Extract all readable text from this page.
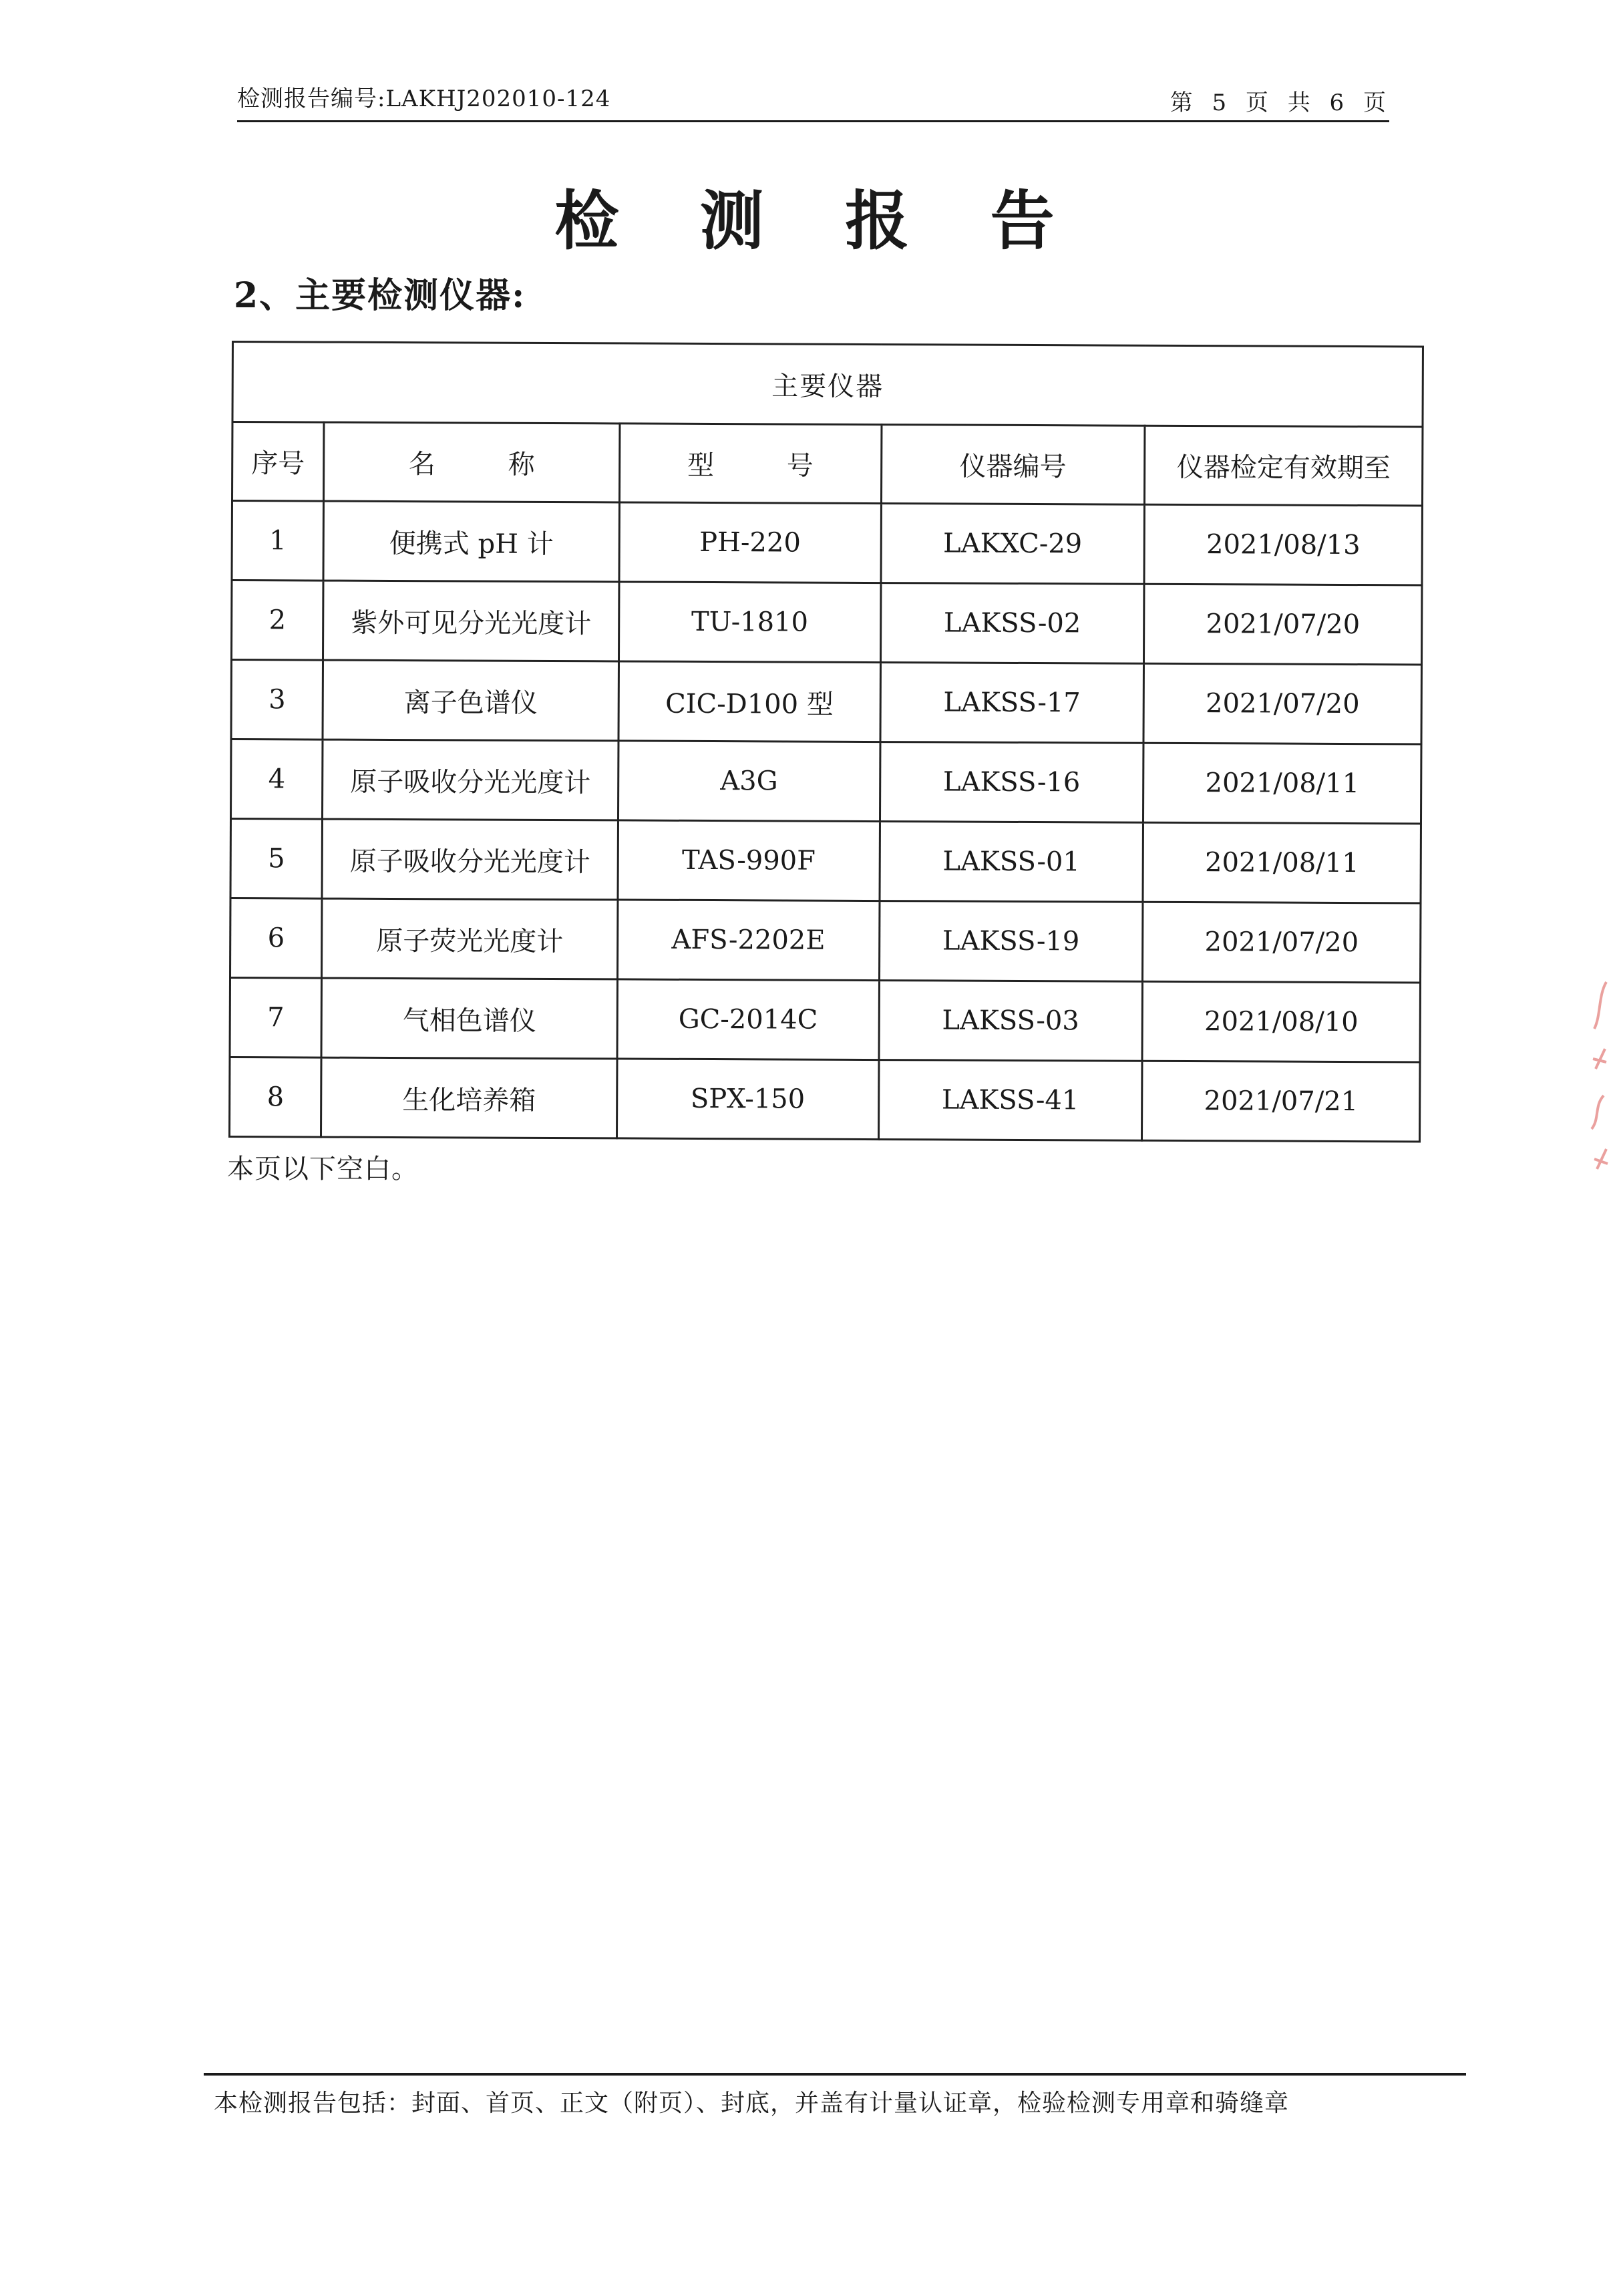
检测报告编号:LAKHJ202010-124	第 5 页 共 6 页
检 测 报 告
2、主要检测仪器:
主要仪器				
序号	名 称	型 号	仪器编号	仪器检定有效期至
1	便携式 pH 计	PH-220	LAKXC-29	2021/08/13
2	紫外可见分光光度计	TU-1810	LAKSS-02	2021/07/20
3	离子色谱仪	CIC-D100 型	LAKSS-17	2021/07/20
4	原子吸收分光光度计	A3G	LAKSS-16	2021/08/11
5	原子吸收分光光度计	TAS-990F	LAKSS-01	2021/08/11
6	原子荧光光度计	AFS-2202E	LAKSS-19	2021/07/20
7	气相色谱仪	GC-2014C	LAKSS-03	2021/08/10
8	生化培养箱	SPX-150	LAKSS-41	2021/07/21
本页以下空白。
本检测报告包括：封面、首页、正文（附页）、封底，并盖有计量认证章，检验检测专用章和骑缝章
